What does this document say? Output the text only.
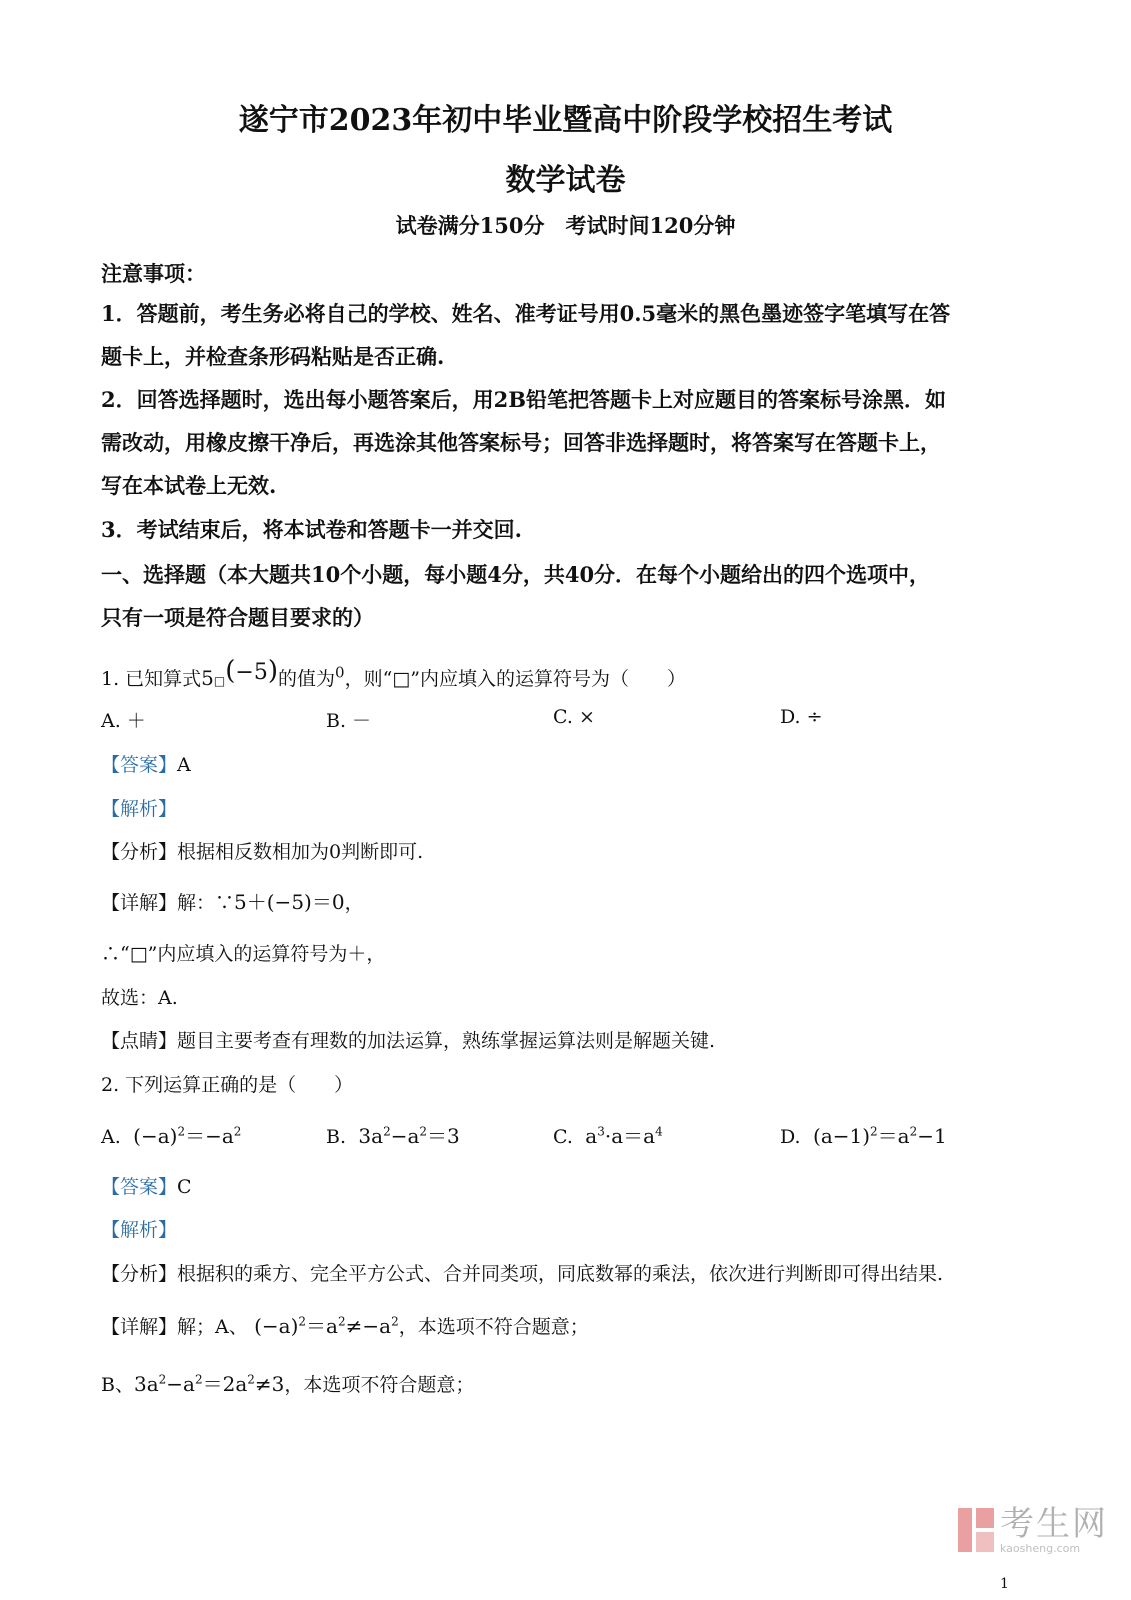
遂宁市2023年初中毕业暨高中阶段学校招生考试
数学试卷
试卷满分150分　考试时间120分钟
注意事项：
1．答题前，考生务必将自己的学校、姓名、准考证号用0.5毫米的黑色墨迹签字笔填写在答
题卡上，并检查条形码粘贴是否正确.
2．回答选择题时，选出每小题答案后，用2B铅笔把答题卡上对应题目的答案标号涂黑．如
需改动，用橡皮擦干净后，再选涂其他答案标号；回答非选择题时，将答案写在答题卡上，
写在本试卷上无效.
3．考试结束后，将本试卷和答题卡一并交回.
一、选择题（本大题共10个小题，每小题4分，共40分．在每个小题给出的四个选项中，
只有一项是符合题目要求的）
1. 已知算式5□(−5)的值为$^0$，则“□”内应填入的运算符号为（　　）
A. ＋	B. －	C. ×	D. ÷
【答案】A
【解析】
【分析】根据相反数相加为0判断即可.
【详解】解：∵5＋(−5)＝0，
∴“□”内应填入的运算符号为＋，
故选：A.
【点睛】题目主要考查有理数的加法运算，熟练掌握运算法则是解题关键.
2. 下列运算正确的是（　　）
A.  $(-a)^2=-a^2$	B.  $3a^2-a^2=3$	C.  $a^3\cdot a=a^4$	D.  $(a-1)^2=a^2-1$
【答案】C
【解析】
【分析】根据积的乘方、完全平方公式、合并同类项，同底数幂的乘法，依次进行判断即可得出结果.
【详解】解；A、 $(-a)^2=a^2\ne-a^2$，本选项不符合题意；
B、$3a^2-a^2=2a^2\ne 3$，本选项不符合题意；
考生网
kaosheng.com
1
